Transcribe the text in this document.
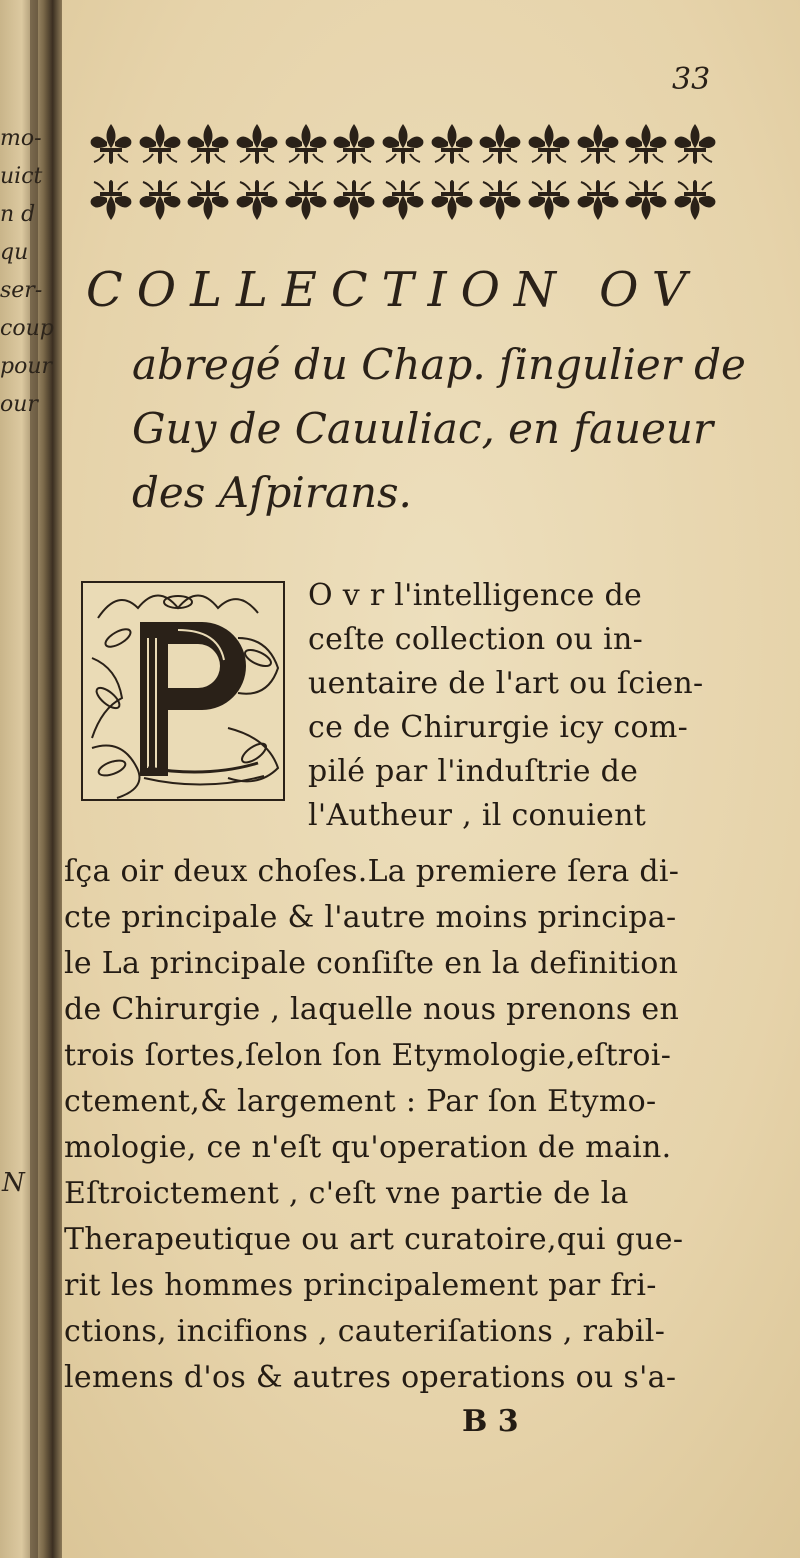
mo-
uict
n d
qu
ser-
coup
pour
our
N
33
COLLECTION OV
abregé du Chap. ſingulier de
Guy de Cauuliac, en faueur
des Aſpirans.
O v r l'intelligence de
ceſte collection ou in-
uentaire de l'art ou ſcien-
ce de Chirurgie icy com-
pilé par l'induſtrie de
l'Autheur , il conuient
ſça oir deux choſes.La premiere ſera di-
cte principale & l'autre moins principa-
le La principale conſiſte en la definition
de Chirurgie , laquelle nous prenons en
trois ſortes,ſelon ſon Etymologie,eſtroi-
ctement,& largement : Par ſon Etymo-
mologie, ce n'eſt qu'operation de main.
Eſtroictement , c'eſt vne partie de la
Therapeutique ou art curatoire,qui gue-
rit les hommes principalement par fri-
ctions, incifions , cauteriſations , rabil-
lemens d'os & autres operations ou s'a-
B 3
